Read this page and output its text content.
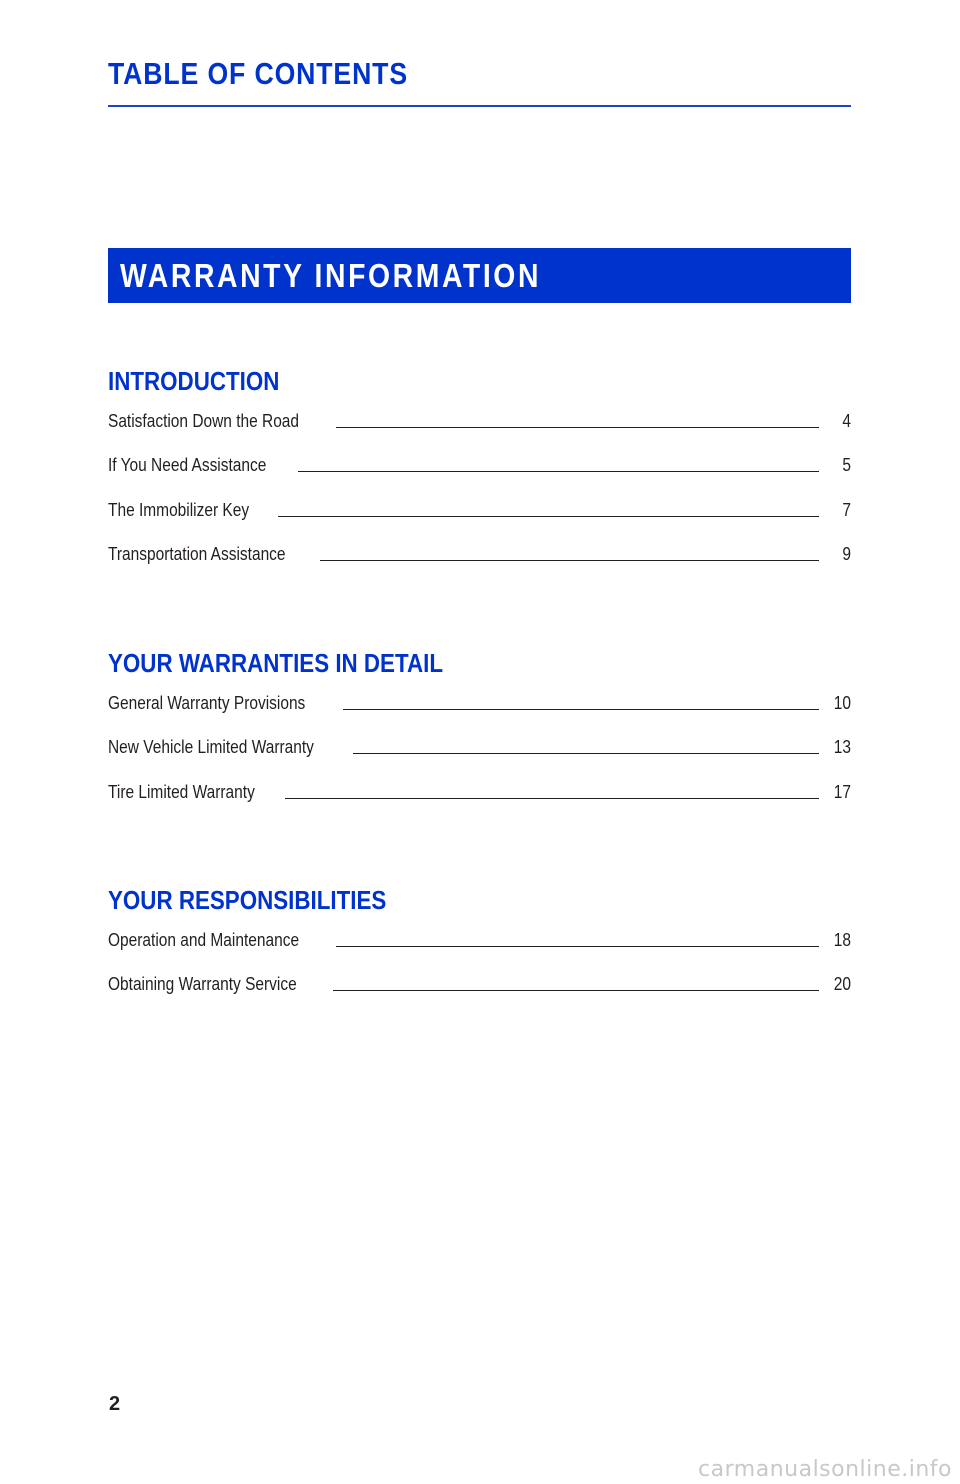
TABLE OF CONTENTS
WARRANTY INFORMATION
INTRODUCTION
Satisfaction Down the Road	4
If You Need Assistance	5
The Immobilizer Key	7
Transportation Assistance	9
YOUR WARRANTIES IN DETAIL
General Warranty Provisions	10
New Vehicle Limited Warranty	13
Tire Limited Warranty	17
YOUR RESPONSIBILITIES
Operation and Maintenance	18
Obtaining Warranty Service	20
2
carmanualsonline.info
